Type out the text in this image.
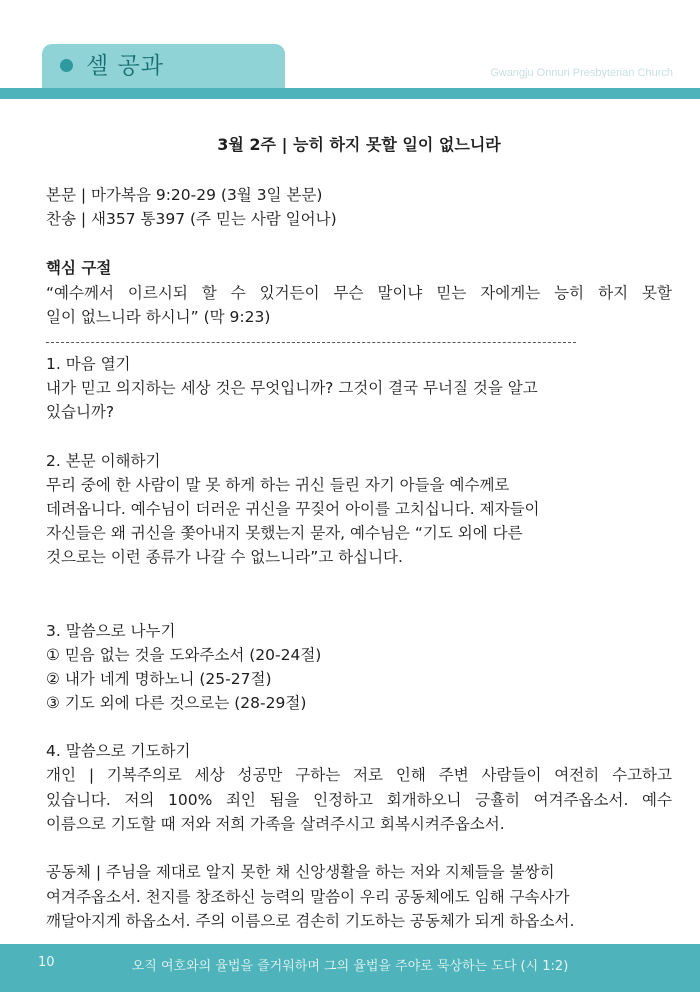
셀 공과	Gwangju Onnuri Presbyterian Church
3월 2주 | 능히 하지 못할 일이 없느니라
본문 | 마가복음 9:20-29 (3월 3일 본문)
찬송 | 새357 통397 (주 믿는 사람 일어나)
핵심 구절
“예수께서 이르시되 할 수 있거든이 무슨 말이냐 믿는 자에게는 능히 하지 못할
일이 없느니라 하시니” (막 9:23)
1. 마음 열기
내가 믿고 의지하는 세상 것은 무엇입니까? 그것이 결국 무너질 것을 알고
있습니까?
2. 본문 이해하기
무리 중에 한 사람이 말 못 하게 하는 귀신 들린 자기 아들을 예수께로
데려옵니다. 예수님이 더러운 귀신을 꾸짖어 아이를 고치십니다. 제자들이
자신들은 왜 귀신을 쫓아내지 못했는지 묻자, 예수님은 “기도 외에 다른
것으로는 이런 종류가 나갈 수 없느니라”고 하십니다.
3. 말씀으로 나누기
① 믿음 없는 것을 도와주소서 (20-24절)
② 내가 네게 명하노니 (25-27절)
③ 기도 외에 다른 것으로는 (28-29절)
4. 말씀으로 기도하기
개인 | 기복주의로 세상 성공만 구하는 저로 인해 주변 사람들이 여전히 수고하고
있습니다. 저의 100% 죄인 됨을 인정하고 회개하오니 긍휼히 여겨주옵소서. 예수
이름으로 기도할 때 저와 저희 가족을 살려주시고 회복시켜주옵소서.
공동체 | 주님을 제대로 알지 못한 채 신앙생활을 하는 저와 지체들을 불쌍히
여겨주옵소서. 천지를 창조하신 능력의 말씀이 우리 공동체에도 임해 구속사가
깨달아지게 하옵소서. 주의 이름으로 겸손히 기도하는 공동체가 되게 하옵소서.
10	오직 여호와의 율법을 즐거워하며 그의 율법을 주야로 묵상하는 도다 (시 1:2)
